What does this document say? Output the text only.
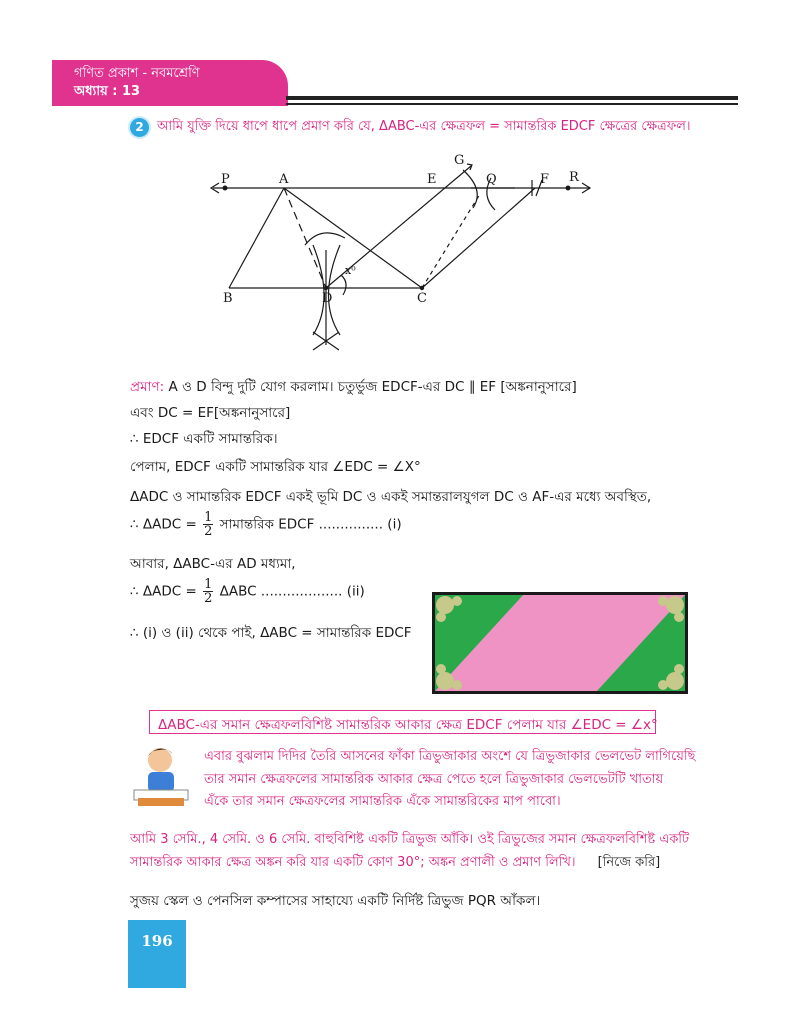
গণিত প্রকাশ - নবমশ্রেণি
অধ্যায় : 13
2	আমি যুক্তি দিয়ে ধাপে ধাপে প্রমাণ করি যে, ΔABC-এর ক্ষেত্রফল = সামান্তরিক EDCF ক্ষেত্রের ক্ষেত্রফল।
P	A	E
G
Q	F R
B	D	C
x⁰
প্রমাণ: A ও D বিন্দু দুটি যোগ করলাম। চতুর্ভুজ EDCF-এর DC ∥ EF [অঙ্কনানুসারে]
এবং DC = EF[অঙ্কনানুসারে]
∴ EDCF একটি সামান্তরিক।
পেলাম, EDCF একটি সামান্তরিক যার ∠EDC = ∠X°
ΔADC ও সামান্তরিক EDCF একই ভূমি DC ও একই সমান্তরালযুগল DC ও AF-এর মধ্যে অবস্থিত,
∴ $\Delta ADC = \frac{1}{2}$ সামান্তরিক EDCF ............... (i)
আবার, ΔABC-এর AD মধ্যমা,
∴ $\Delta ADC = \frac{1}{2}$ ΔABC ................... (ii)
∴ (i) ও (ii) থেকে পাই, ΔABC = সামান্তরিক EDCF
ΔABC-এর সমান ক্ষেত্রফলবিশিষ্ট সামান্তরিক আকার ক্ষেত্র EDCF পেলাম যার ∠EDC = ∠x°
এবার বুঝলাম দিদির তৈরি আসনের ফাঁকা ত্রিভুজাকার অংশে যে ত্রিভুজাকার ভেলভেট লাগিয়েছি
তার সমান ক্ষেত্রফলের সামান্তরিক আকার ক্ষেত্র পেতে হলে ত্রিভুজাকার ভেলভেটটি খাতায়
এঁকে তার সমান ক্ষেত্রফলের সামান্তরিক এঁকে সামান্তরিকের মাপ পাবো।
আমি 3 সেমি., 4 সেমি. ও 6 সেমি. বাহুবিশিষ্ট একটি ত্রিভুজ আঁকি। ওই ত্রিভুজের সমান ক্ষেত্রফলবিশিষ্ট একটি
সামান্তরিক আকার ক্ষেত্র অঙ্কন করি যার একটি কোণ 30°; অঙ্কন প্রণালী ও প্রমাণ লিখি। [নিজে করি]
সুজয় স্কেল ও পেনসিল কম্পাসের সাহায্যে একটি নির্দিষ্ট ত্রিভুজ PQR আঁকল।
196
